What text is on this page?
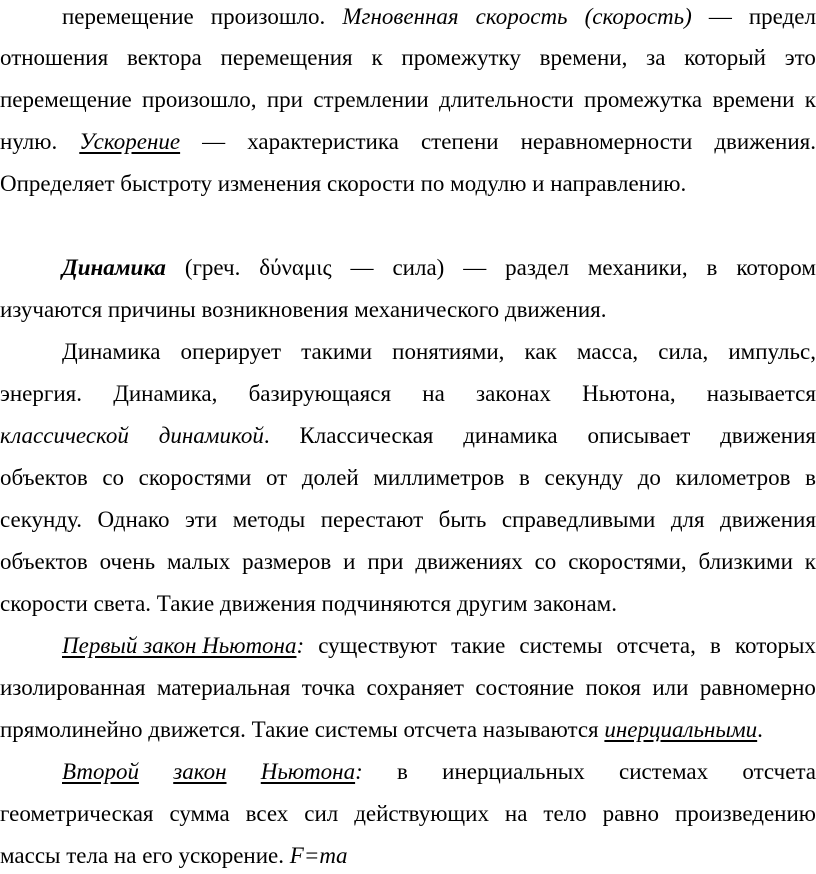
перемещение произошло. Мгновенная скорость (скорость) — предел
отношения вектора перемещения к промежутку времени, за который это
перемещение произошло, при стремлении длительности промежутка времени к
нулю. Ускорение — характеристика степени неравномерности движения.
Определяет быстроту изменения скорости по модулю и направлению.
Динамика (греч. δύναμις — сила) — раздел механики, в котором
изучаются причины возникновения механического движения.
Динамика оперирует такими понятиями, как масса, сила, импульс,
энергия. Динамика, базирующаяся на законах Ньютона, называется
классической динамикой. Классическая динамика описывает движения
объектов со скоростями от долей миллиметров в секунду до километров в
секунду. Однако эти методы перестают быть справедливыми для движения
объектов очень малых размеров и при движениях со скоростями, близкими к
скорости света. Такие движения подчиняются другим законам.
Первый закон Ньютона: существуют такие системы отсчета, в которых
изолированная материальная точка сохраняет состояние покоя или равномерно
прямолинейно движется. Такие системы отсчета называются инерциальными.
Второй закон Ньютона: в инерциальных системах отсчета
геометрическая сумма всех сил действующих на тело равно произведению
массы тела на его ускорение. F=ma
